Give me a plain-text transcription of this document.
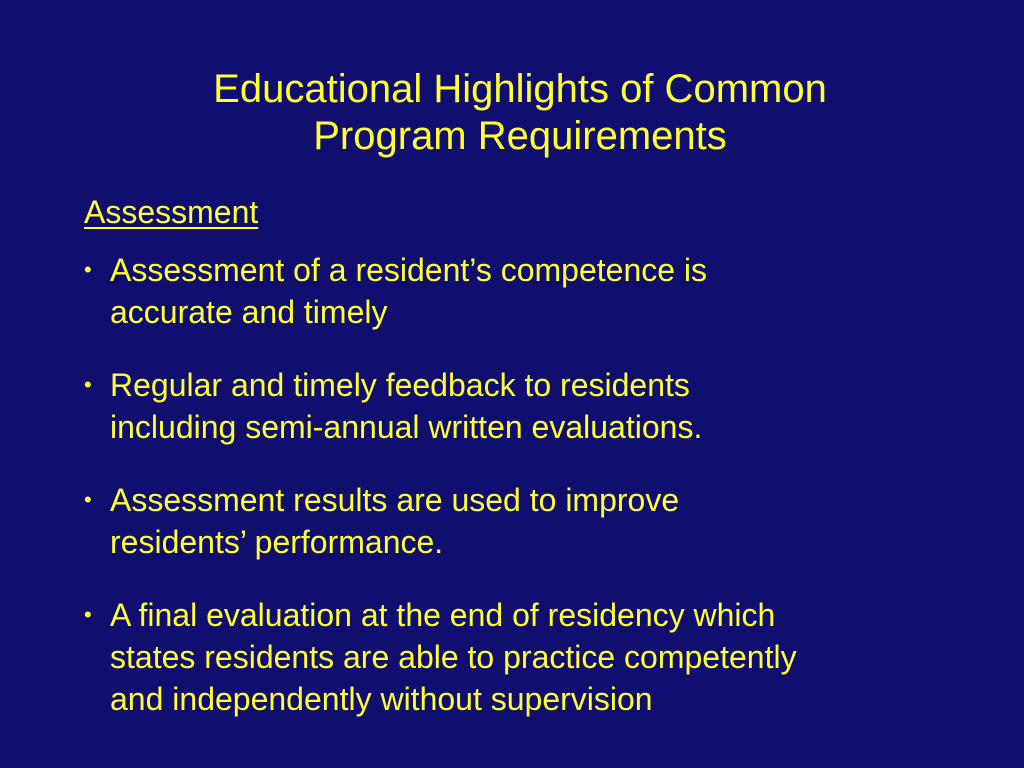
Educational Highlights of Common
Program Requirements
Assessment
• Assessment of a resident’s competence is
accurate and timely
• Regular and timely feedback to residents
including semi-annual written evaluations.
• Assessment results are used to improve
residents’ performance.
• A final evaluation at the end of residency which
states residents are able to practice competently
and independently without supervision
